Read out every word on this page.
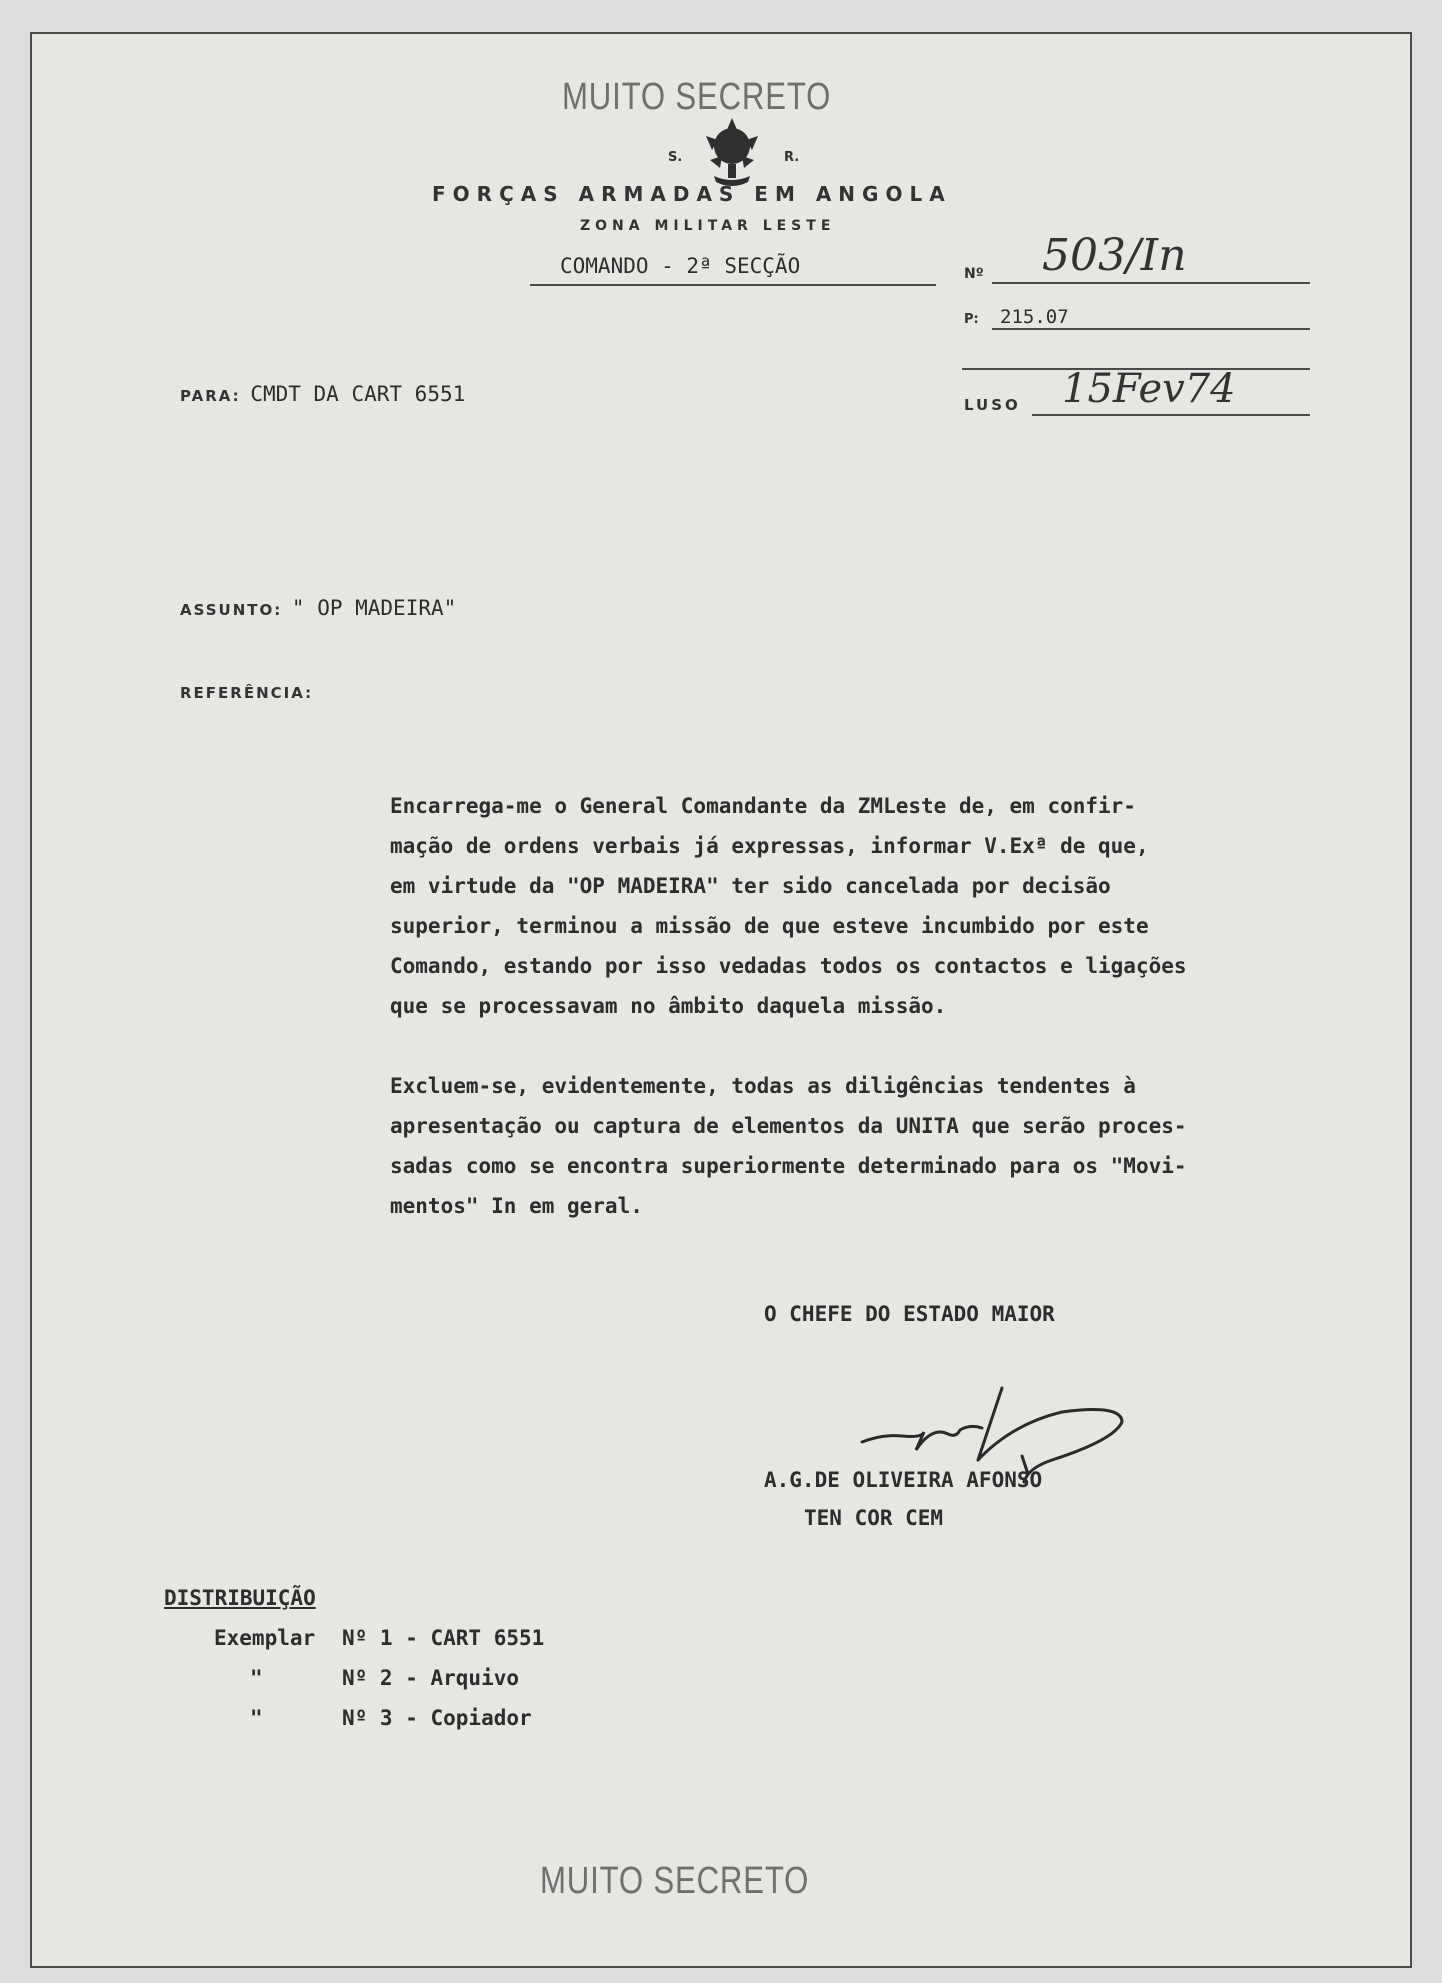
MUITO SECRETO
S.	R.
FORÇAS ARMADAS EM ANGOLA
ZONA MILITAR LESTE
COMANDO - 2ª SECÇÃO	Nº 503/In
P: 215.07
LUSO 15Fev74
PARA: CMDT DA CART 6551
ASSUNTO: " OP MADEIRA"
REFERÊNCIA:
Encarrega-me o General Comandante da ZMLeste de, em confir-
mação de ordens verbais já expressas, informar V.Exª de que,
em virtude da "OP MADEIRA" ter sido cancelada por decisão
superior, terminou a missão de que esteve incumbido por este
Comando, estando por isso vedadas todos os contactos e ligações
que se processavam no âmbito daquela missão.
Excluem-se, evidentemente, todas as diligências tendentes à
apresentação ou captura de elementos da UNITA que serão proces-
sadas como se encontra superiormente determinado para os "Movi-
mentos" In em geral.
O CHEFE DO ESTADO MAIOR
A.G.DE OLIVEIRA AFONSO
TEN COR CEM
DISTRIBUIÇÃO
Exemplar Nº 1 - CART 6551
"	Nº 2 - Arquivo
"	Nº 3 - Copiador
MUITO SECRETO
